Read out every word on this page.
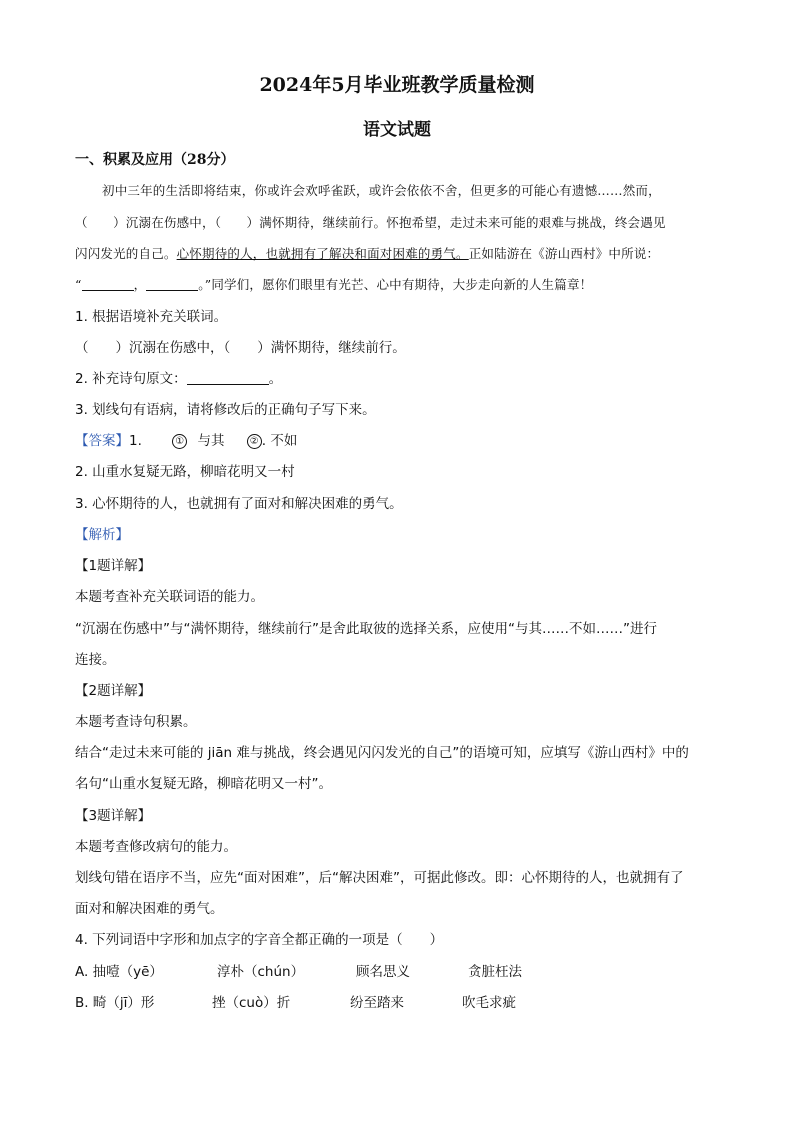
2024年5月毕业班教学质量检测
语文试题
一、积累及应用（28分）
初中三年的生活即将结束，你或许会欢呼雀跃，或许会依依不舍，但更多的可能心有遗憾……然而，
（　　）沉溺在伤感中，（　　）满怀期待，继续前行。怀抱希望，走过未来可能的艰难与挑战，终会遇见
闪闪发光的自己。心怀期待的人，也就拥有了解决和面对困难的勇气。正如陆游在《游山西村》中所说：
“	，	。”同学们，愿你们眼里有光芒、心中有期待，大步走向新的人生篇章！
1. 根据语境补充关联词。
（　　）沉溺在伤感中，（　　）满怀期待，继续前行。
2. 补充诗句原文：	。
3. 划线句有语病，请将修改后的正确句子写下来。
【答案】1.	① 与其	② . 不如
2. 山重水复疑无路，柳暗花明又一村
3. 心怀期待的人，也就拥有了面对和解决困难的勇气。
【解析】
【1题详解】
本题考查补充关联词语的能力。
“沉溺在伤感中”与“满怀期待，继续前行”是舍此取彼的选择关系，应使用“与其……不如……”进行
连接。
【2题详解】
本题考查诗句积累。
结合“走过未来可能的 jiān 难与挑战，终会遇见闪闪发光的自己”的语境可知，应填写《游山西村》中的
名句“山重水复疑无路，柳暗花明又一村”。
【3题详解】
本题考查修改病句的能力。
划线句错在语序不当，应先“面对困难”，后“解决困难”，可据此修改。即：心怀期待的人，也就拥有了
面对和解决困难的勇气。
4. 下列词语中字形和加点字的字音全都正确的一项是（　　）
A. 抽噎（yē）	淳朴（chún）	顾名思义	贪脏枉法
B. 畸（jī）形	挫（cuò）折	纷至踏来	吹毛求疵
